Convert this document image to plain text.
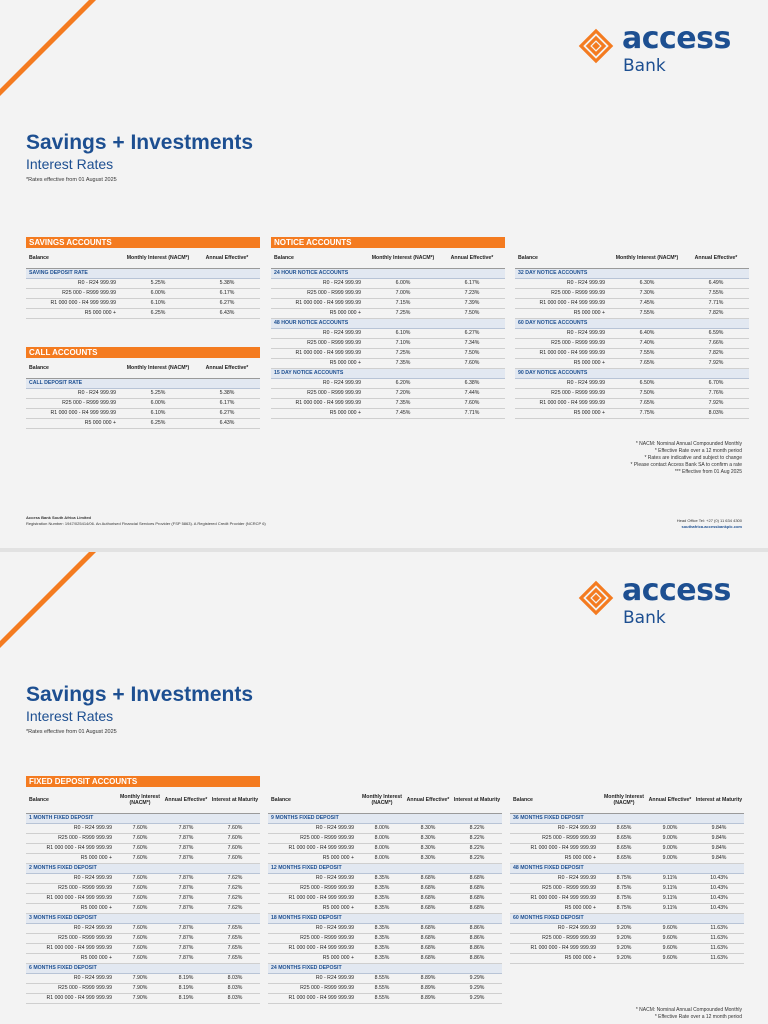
access
Bank
Savings + Investments
Interest Rates
*Rates effective from 01 August 2025
SAVINGS ACCOUNTS
Balance	Monthly Interest (NACM*)	Annual Effective*
SAVING DEPOSIT RATE		
R0 - R24 999.99	5.25%	5.38%
R25 000 - R999 999.99	6.00%	6.17%
R1 000 000 - R4 999 999.99	6.10%	6.27%
R5 000 000 +	6.25%	6.43%
CALL ACCOUNTS
Balance	Monthly Interest (NACM*)	Annual Effective*
CALL DEPOSIT RATE		
R0 - R24 999.99	5.25%	5.38%
R25 000 - R999 999.99	6.00%	6.17%
R1 000 000 - R4 999 999.99	6.10%	6.27%
R5 000 000 +	6.25%	6.43%
NOTICE ACCOUNTS
Balance	Monthly Interest (NACM*)	Annual Effective*
24 HOUR NOTICE ACCOUNTS		
R0 - R24 999.99	6.00%	6.17%
R25 000 - R999 999.99	7.00%	7.23%
R1 000 000 - R4 999 999.99	7.15%	7.39%
R5 000 000 +	7.25%	7.50%
48 HOUR NOTICE ACCOUNTS		
R0 - R24 999.99	6.10%	6.27%
R25 000 - R999 999.99	7.10%	7.34%
R1 000 000 - R4 999 999.99	7.25%	7.50%
R5 000 000 +	7.35%	7.60%
15 DAY NOTICE ACCOUNTS		
R0 - R24 999.99	6.20%	6.38%
R25 000 - R999 999.99	7.20%	7.44%
R1 000 000 - R4 999 999.99	7.35%	7.60%
R5 000 000 +	7.45%	7.71%
Balance	Monthly Interest (NACM*)	Annual Effective*
32 DAY NOTICE ACCOUNTS		
R0 - R24 999.99	6.30%	6.49%
R25 000 - R999 999.99	7.30%	7.55%
R1 000 000 - R4 999 999.99	7.45%	7.71%
R5 000 000 +	7.55%	7.82%
60 DAY NOTICE ACCOUNTS		
R0 - R24 999.99	6.40%	6.59%
R25 000 - R999 999.99	7.40%	7.66%
R1 000 000 - R4 999 999.99	7.55%	7.82%
R5 000 000 +	7.65%	7.92%
90 DAY NOTICE ACCOUNTS		
R0 - R24 999.99	6.50%	6.70%
R25 000 - R999 999.99	7.50%	7.76%
R1 000 000 - R4 999 999.99	7.65%	7.92%
R5 000 000 +	7.75%	8.03%
* NACM: Nominal Annual Compounded Monthly
* Effective Rate over a 12 month period
* Rates are indicative and subject to change
* Please contact Access Bank SA to confirm a rate
*** Effective from 01 Aug 2025
Access Bank South Africa Limited
Registration Number: 1947/025414/06. An Authorised Financial Services Provider (FSP 5863). A Registered Credit Provider (NCRCP 6)
Head Office Tel: +27 (0) 11 634 4300
southafrica.accessbankplc.com
access
Bank
Savings + Investments
Interest Rates
*Rates effective from 01 August 2025
FIXED DEPOSIT ACCOUNTS
Balance	Monthly Interest (NACM*)	Annual Effective*	Interest at Maturity
1 MONTH FIXED DEPOSIT			
R0 - R24 999.99	7.60%	7.87%	7.60%
R25 000 - R999 999.99	7.60%	7.87%	7.60%
R1 000 000 - R4 999 999.99	7.60%	7.87%	7.60%
R5 000 000 +	7.60%	7.87%	7.60%
2 MONTHS FIXED DEPOSIT			
R0 - R24 999.99	7.60%	7.87%	7.62%
R25 000 - R999 999.99	7.60%	7.87%	7.62%
R1 000 000 - R4 999 999.99	7.60%	7.87%	7.62%
R5 000 000 +	7.60%	7.87%	7.62%
3 MONTHS FIXED DEPOSIT			
R0 - R24 999.99	7.60%	7.87%	7.65%
R25 000 - R999 999.99	7.60%	7.87%	7.65%
R1 000 000 - R4 999 999.99	7.60%	7.87%	7.65%
R5 000 000 +	7.60%	7.87%	7.65%
6 MONTHS FIXED DEPOSIT			
R0 - R24 999.99	7.90%	8.19%	8.03%
R25 000 - R999 999.99	7.90%	8.19%	8.03%
R1 000 000 - R4 999 999.99	7.90%	8.19%	8.03%
Balance	Monthly Interest (NACM*)	Annual Effective*	Interest at Maturity
9 MONTHS FIXED DEPOSIT			
R0 - R24 999.99	8.00%	8.30%	8.22%
R25 000 - R999 999.99	8.00%	8.30%	8.22%
R1 000 000 - R4 999 999.99	8.00%	8.30%	8.22%
R5 000 000 +	8.00%	8.30%	8.22%
12 MONTHS FIXED DEPOSIT			
R0 - R24 999.99	8.35%	8.68%	8.68%
R25 000 - R999 999.99	8.35%	8.68%	8.68%
R1 000 000 - R4 999 999.99	8.35%	8.68%	8.68%
R5 000 000 +	8.35%	8.68%	8.68%
18 MONTHS FIXED DEPOSIT			
R0 - R24 999.99	8.35%	8.68%	8.86%
R25 000 - R999 999.99	8.35%	8.68%	8.86%
R1 000 000 - R4 999 999.99	8.35%	8.68%	8.86%
R5 000 000 +	8.35%	8.68%	8.86%
24 MONTHS FIXED DEPOSIT			
R0 - R24 999.99	8.55%	8.89%	9.29%
R25 000 - R999 999.99	8.55%	8.89%	9.29%
R1 000 000 - R4 999 999.99	8.55%	8.89%	9.29%
Balance	Monthly Interest (NACM*)	Annual Effective*	Interest at Maturity
36 MONTHS FIXED DEPOSIT			
R0 - R24 999.99	8.65%	9.00%	9.84%
R25 000 - R999 999.99	8.65%	9.00%	9.84%
R1 000 000 - R4 999 999.99	8.65%	9.00%	9.84%
R5 000 000 +	8.65%	9.00%	9.84%
48 MONTHS FIXED DEPOSIT			
R0 - R24 999.99	8.75%	9.11%	10.43%
R25 000 - R999 999.99	8.75%	9.11%	10.43%
R1 000 000 - R4 999 999.99	8.75%	9.11%	10.43%
R5 000 000 +	8.75%	9.11%	10.43%
60 MONTHS FIXED DEPOSIT			
R0 - R24 999.99	9.20%	9.60%	11.63%
R25 000 - R999 999.99	9.20%	9.60%	11.63%
R1 000 000 - R4 999 999.99	9.20%	9.60%	11.63%
R5 000 000 +	9.20%	9.60%	11.63%
* NACM: Nominal Annual Compounded Monthly
* Effective Rate over a 12 month period
